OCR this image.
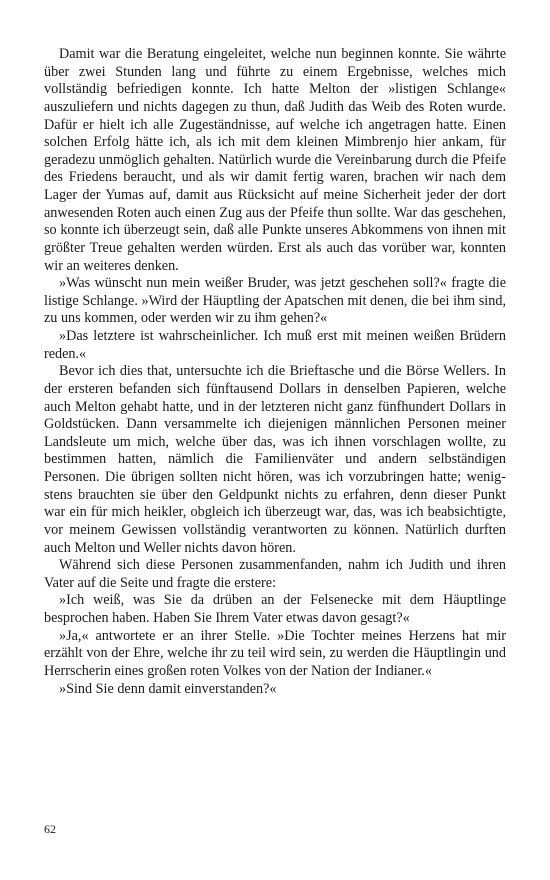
Damit war die Beratung eingeleitet, welche nun beginnen konnte. Sie währte über zwei Stunden lang und führte zu einem Ergebnisse, welches mich vollständig befriedigen konnte. Ich hatte Melton der »listigen Schlange« auszuliefern und nichts dagegen zu thun, daß Judith das Weib des Roten wurde. Dafür er hielt ich alle Zugeständnisse, auf welche ich angetragen hatte. Einen solchen Erfolg hätte ich, als ich mit dem kleinen Mimbrenjo hier ankam, für geradezu unmöglich gehalten. Natürlich wurde die Vereinbarung durch die Pfeife des Friedens beraucht, und als wir damit fertig waren, brachen wir nach dem Lager der Yumas auf, damit aus Rücksicht auf meine Sicherheit jeder der dort anwesenden Roten auch einen Zug aus der Pfeife thun sollte. War das geschehen, so konnte ich überzeugt sein, daß alle Punkte unseres Abkommens von ihnen mit größter Treue gehalten werden würden. Erst als auch das vorüber war, konnten wir an weiteres denken.

»Was wünscht nun mein weißer Bruder, was jetzt geschehen soll?« fragte die listige Schlange. »Wird der Häuptling der Apatschen mit denen, die bei ihm sind, zu uns kommen, oder werden wir zu ihm gehen?«

»Das letztere ist wahrscheinlicher. Ich muß erst mit meinen weißen Brüdern reden.«

Bevor ich dies that, untersuchte ich die Brieftasche und die Börse Wellers. In der ersteren befanden sich fünftausend Dollars in denselben Papieren, welche auch Melton gehabt hatte, und in der letzteren nicht ganz fünfhundert Dollars in Goldstücken. Dann versammelte ich diejenigen männlichen Personen meiner Landsleute um mich, welche über das, was ich ihnen vorschlagen wollte, zu bestimmen hatten, nämlich die Familienväter und andern selbständigen Personen. Die übrigen sollten nicht hören, was ich vorzubringen hatte; wenigstens brauchten sie über den Geldpunkt nichts zu erfahren, denn dieser Punkt war ein für mich heikler, obgleich ich überzeugt war, das, was ich beabsichtigte, vor meinem Gewissen vollständig verantworten zu können. Natürlich durften auch Melton und Weller nichts davon hören.

Während sich diese Personen zusammenfanden, nahm ich Judith und ihren Vater auf die Seite und fragte die erstere:

»Ich weiß, was Sie da drüben an der Felsenecke mit dem Häuptlinge besprochen haben. Haben Sie Ihrem Vater etwas davon gesagt?«

»Ja,« antwortete er an ihrer Stelle. »Die Tochter meines Herzens hat mir erzählt von der Ehre, welche ihr zu teil wird sein, zu werden die Häuptlingin und Herrscherin eines großen roten Volkes von der Nation der Indianer.«

»Sind Sie denn damit einverstanden?«

62
